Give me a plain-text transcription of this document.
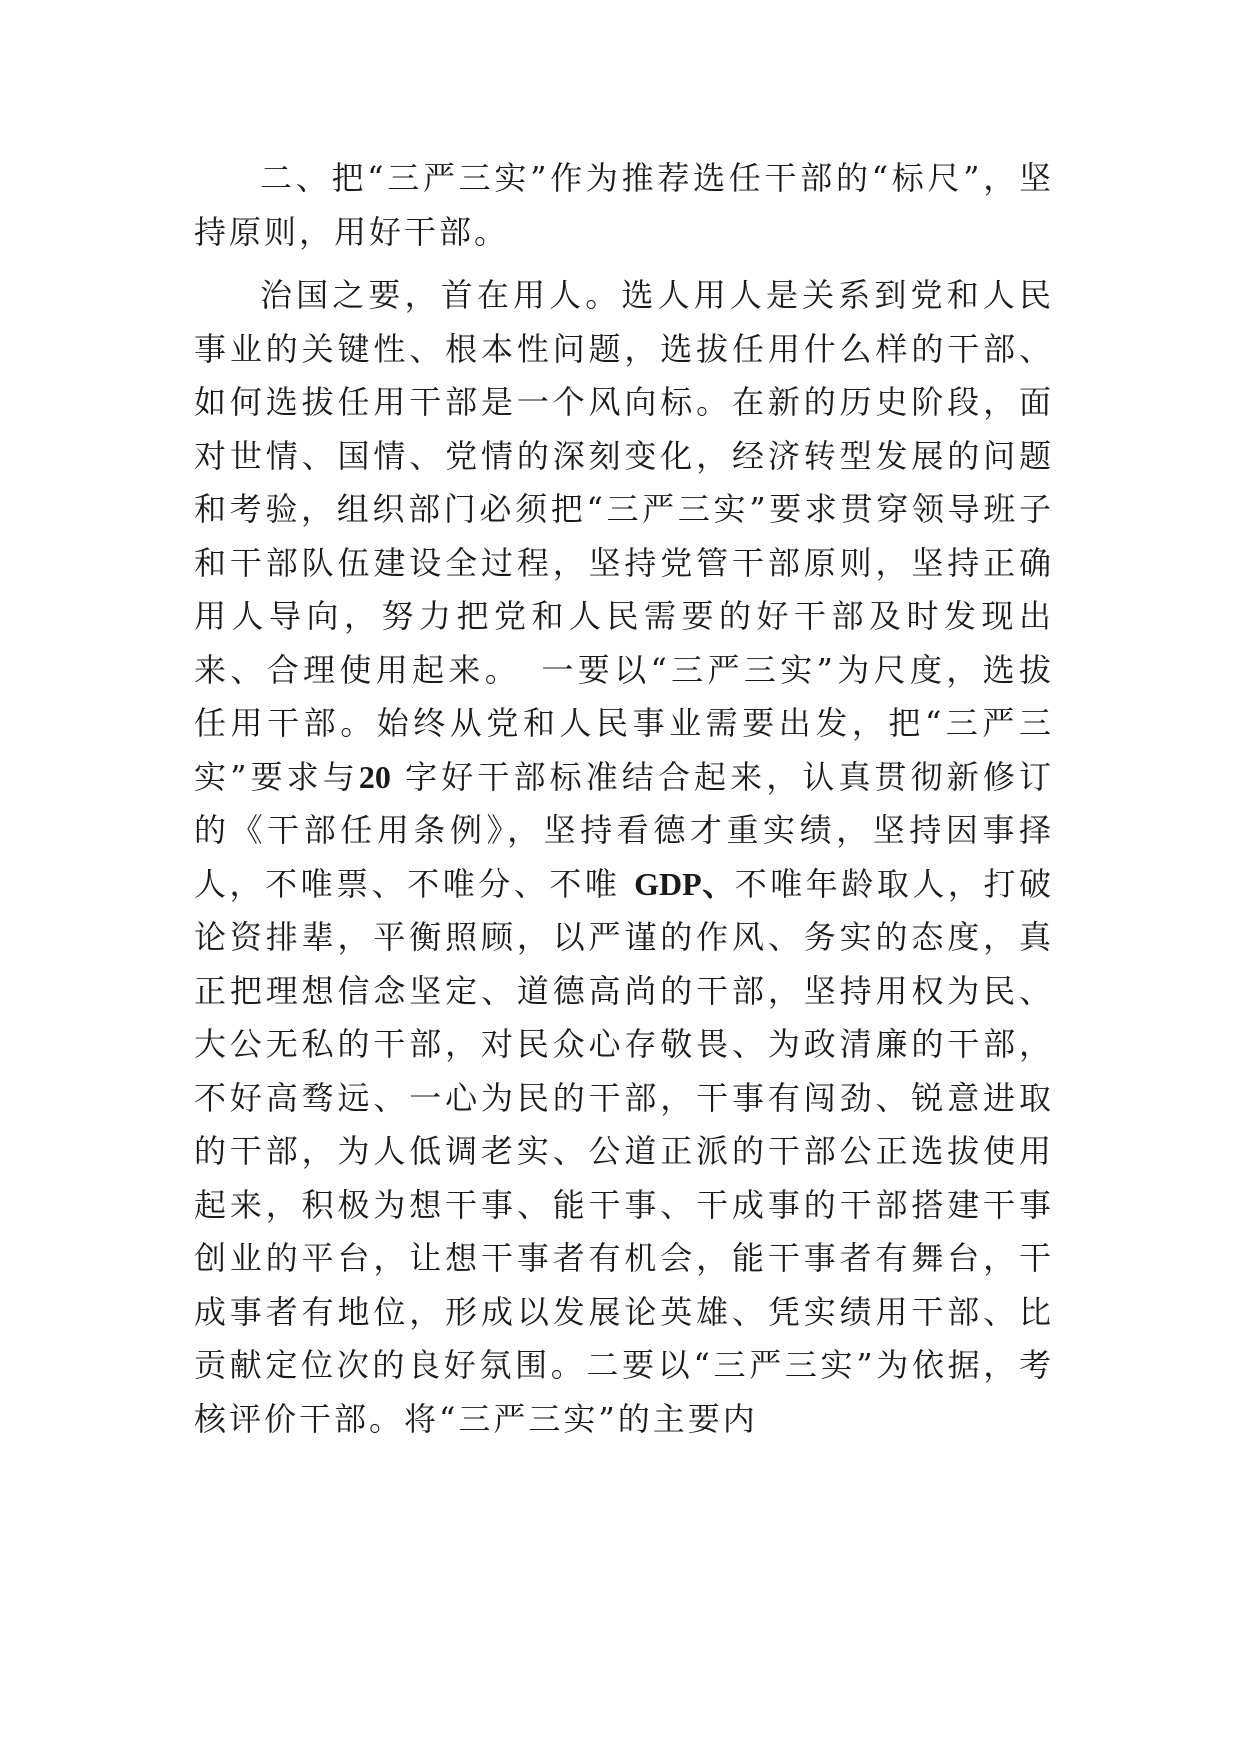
二、把“三严三实”作为推荐选任干部的“标尺”，坚持原则，用好干部。

治国之要，首在用人。选人用人是关系到党和人民事业的关键性、根本性问题，选拔任用什么样的干部、如何选拔任用干部是一个风向标。在新的历史阶段，面对世情、国情、党情的深刻变化，经济转型发展的问题和考验，组织部门必须把“三严三实”要求贯穿领导班子和干部队伍建设全过程，坚持党管干部原则，坚持正确用人导向，努力把党和人民需要的好干部及时发现出来、合理使用起来。　一要以“三严三实”为尺度，选拔任用干部。始终从党和人民事业需要出发，把“三严三实”要求与20 字好干部标准结合起来，认真贯彻新修订的《干部任用条例》，坚持看德才重实绩，坚持因事择人，不唯票、不唯分、不唯 GDP、不唯年龄取人，打破论资排辈，平衡照顾，以严谨的作风、务实的态度，真正把理想信念坚定、道德高尚的干部，坚持用权为民、大公无私的干部，对民众心存敬畏、为政清廉的干部，不好高骛远、一心为民的干部，干事有闯劲、锐意进取的干部，为人低调老实、公道正派的干部公正选拔使用起来，积极为想干事、能干事、干成事的干部搭建干事创业的平台，让想干事者有机会，能干事者有舞台，干成事者有地位，形成以发展论英雄、凭实绩用干部、比贡献定位次的良好氛围。二要以“三严三实”为依据，考核评价干部。将“三严三实”的主要内
